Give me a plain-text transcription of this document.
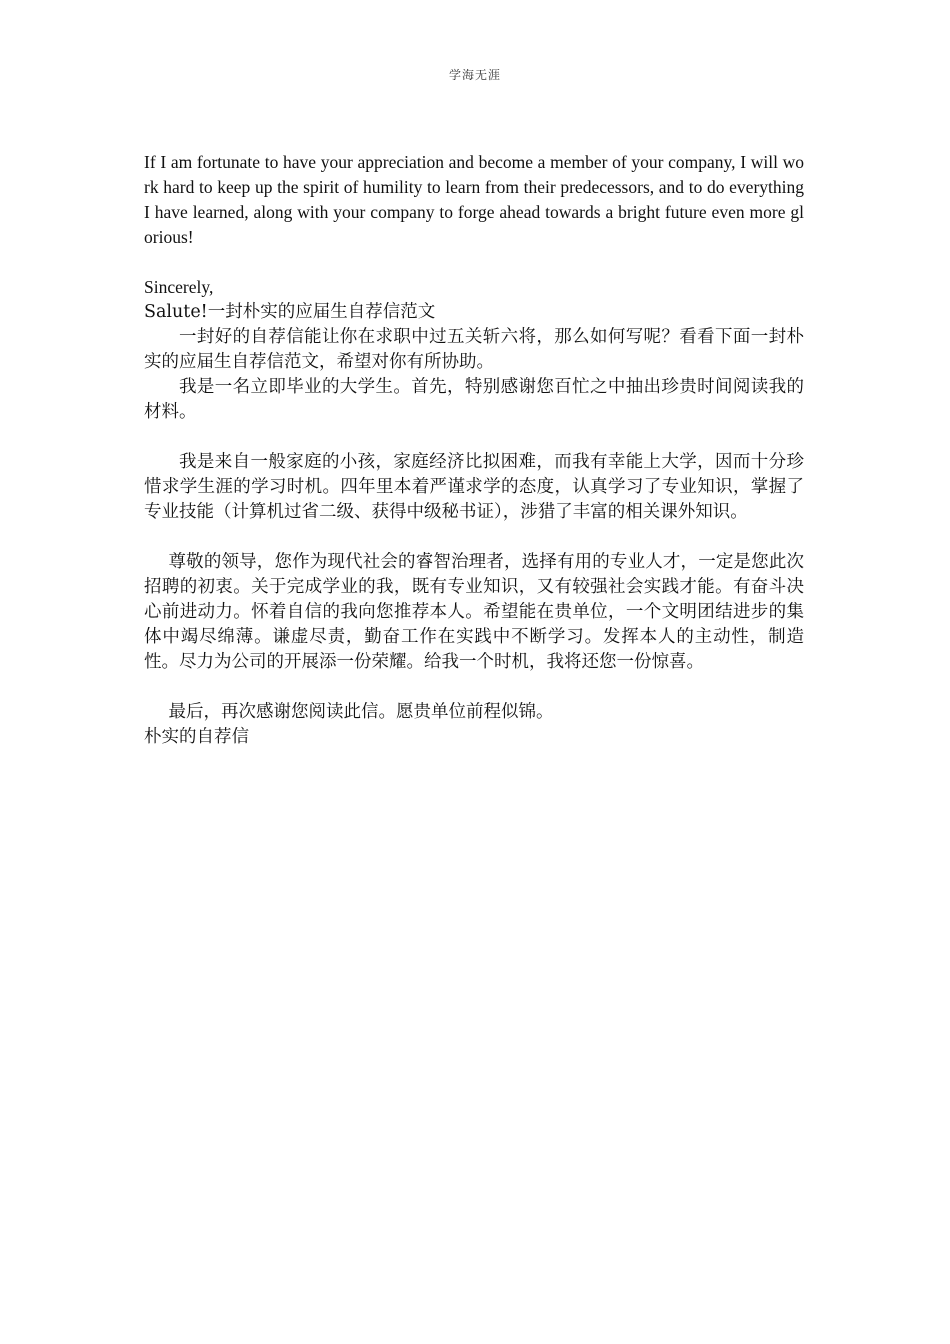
学海无涯

If I am fortunate to have your appreciation and become a member of your company, I will work hard to keep up the spirit of humility to learn from their predecessors, and to do everything I have learned, along with your company to forge ahead towards a bright future even more glorious!

Sincerely,

Salute!一封朴实的应届生自荐信范文

一封好的自荐信能让你在求职中过五关斩六将，那么如何写呢？看看下面一封朴实的应届生自荐信范文，希望对你有所协助。

我是一名立即毕业的大学生。首先，特别感谢您百忙之中抽出珍贵时间阅读我的材料。

我是来自一般家庭的小孩，家庭经济比拟困难，而我有幸能上大学，因而十分珍惜求学生涯的学习时机。四年里本着严谨求学的态度，认真学习了专业知识，掌握了专业技能（计算机过省二级、获得中级秘书证），涉猎了丰富的相关课外知识。

尊敬的领导，您作为现代社会的睿智治理者，选择有用的专业人才，一定是您此次招聘的初衷。关于完成学业的我，既有专业知识，又有较强社会实践才能。有奋斗决心前进动力。怀着自信的我向您推荐本人。希望能在贵单位，一个文明团结进步的集体中竭尽绵薄。谦虚尽责，勤奋工作在实践中不断学习。发挥本人的主动性，制造性。尽力为公司的开展添一份荣耀。给我一个时机，我将还您一份惊喜。

最后，再次感谢您阅读此信。愿贵单位前程似锦。

朴实的自荐信
